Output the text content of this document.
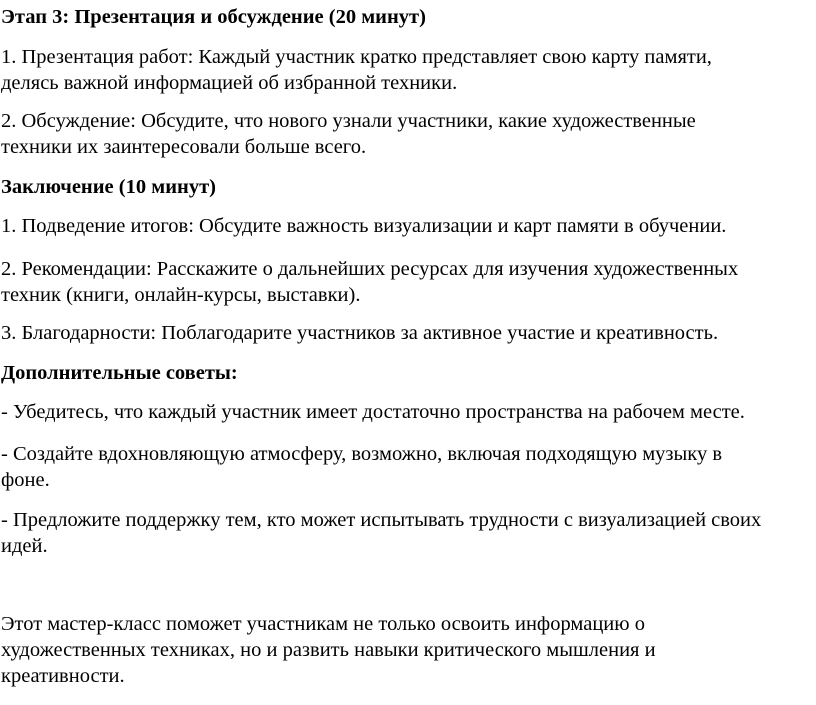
Этап 3: Презентация и обсуждение (20 минут)
1. Презентация работ: Каждый участник кратко представляет свою карту памяти,
делясь важной информацией об избранной техники.
2. Обсуждение: Обсудите, что нового узнали участники, какие художественные
техники их заинтересовали больше всего.
Заключение (10 минут)
1. Подведение итогов: Обсудите важность визуализации и карт памяти в обучении.
2. Рекомендации: Расскажите о дальнейших ресурсах для изучения художественных
техник (книги, онлайн-курсы, выставки).
3. Благодарности: Поблагодарите участников за активное участие и креативность.
Дополнительные советы:
- Убедитесь, что каждый участник имеет достаточно пространства на рабочем месте.
- Создайте вдохновляющую атмосферу, возможно, включая подходящую музыку в
фоне.
- Предложите поддержку тем, кто может испытывать трудности с визуализацией своих
идей.
Этот мастер-класс поможет участникам не только освоить информацию о
художественных техниках, но и развить навыки критического мышления и
креативности.
